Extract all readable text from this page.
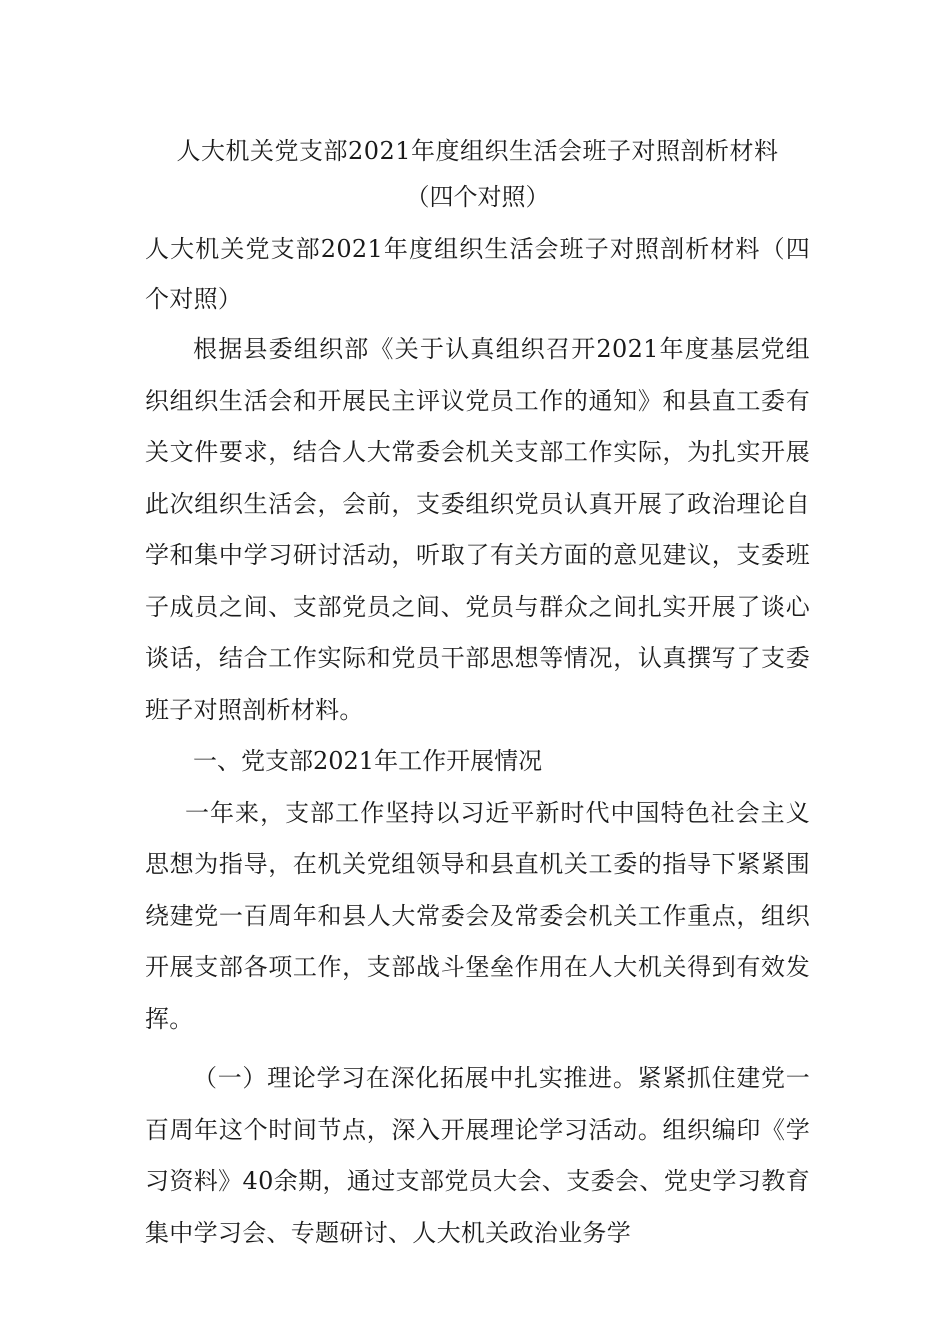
人大机关党支部2021年度组织生活会班子对照剖析材料

（四个对照）

人大机关党支部2021年度组织生活会班子对照剖析材料（四个对照）

根据县委组织部《关于认真组织召开2021年度基层党组织组织生活会和开展民主评议党员工作的通知》和县直工委有关文件要求，结合人大常委会机关支部工作实际，为扎实开展此次组织生活会，会前，支委组织党员认真开展了政治理论自学和集中学习研讨活动，听取了有关方面的意见建议，支委班子成员之间、支部党员之间、党员与群众之间扎实开展了谈心谈话，结合工作实际和党员干部思想等情况，认真撰写了支委班子对照剖析材料。

一、党支部2021年工作开展情况

一年来，支部工作坚持以习近平新时代中国特色社会主义思想为指导，在机关党组领导和县直机关工委的指导下紧紧围绕建党一百周年和县人大常委会及常委会机关工作重点，组织开展支部各项工作，支部战斗堡垒作用在人大机关得到有效发挥。

（一）理论学习在深化拓展中扎实推进。紧紧抓住建党一百周年这个时间节点，深入开展理论学习活动。组织编印《学习资料》40余期，通过支部党员大会、支委会、党史学习教育集中学习会、专题研讨、人大机关政治业务学
